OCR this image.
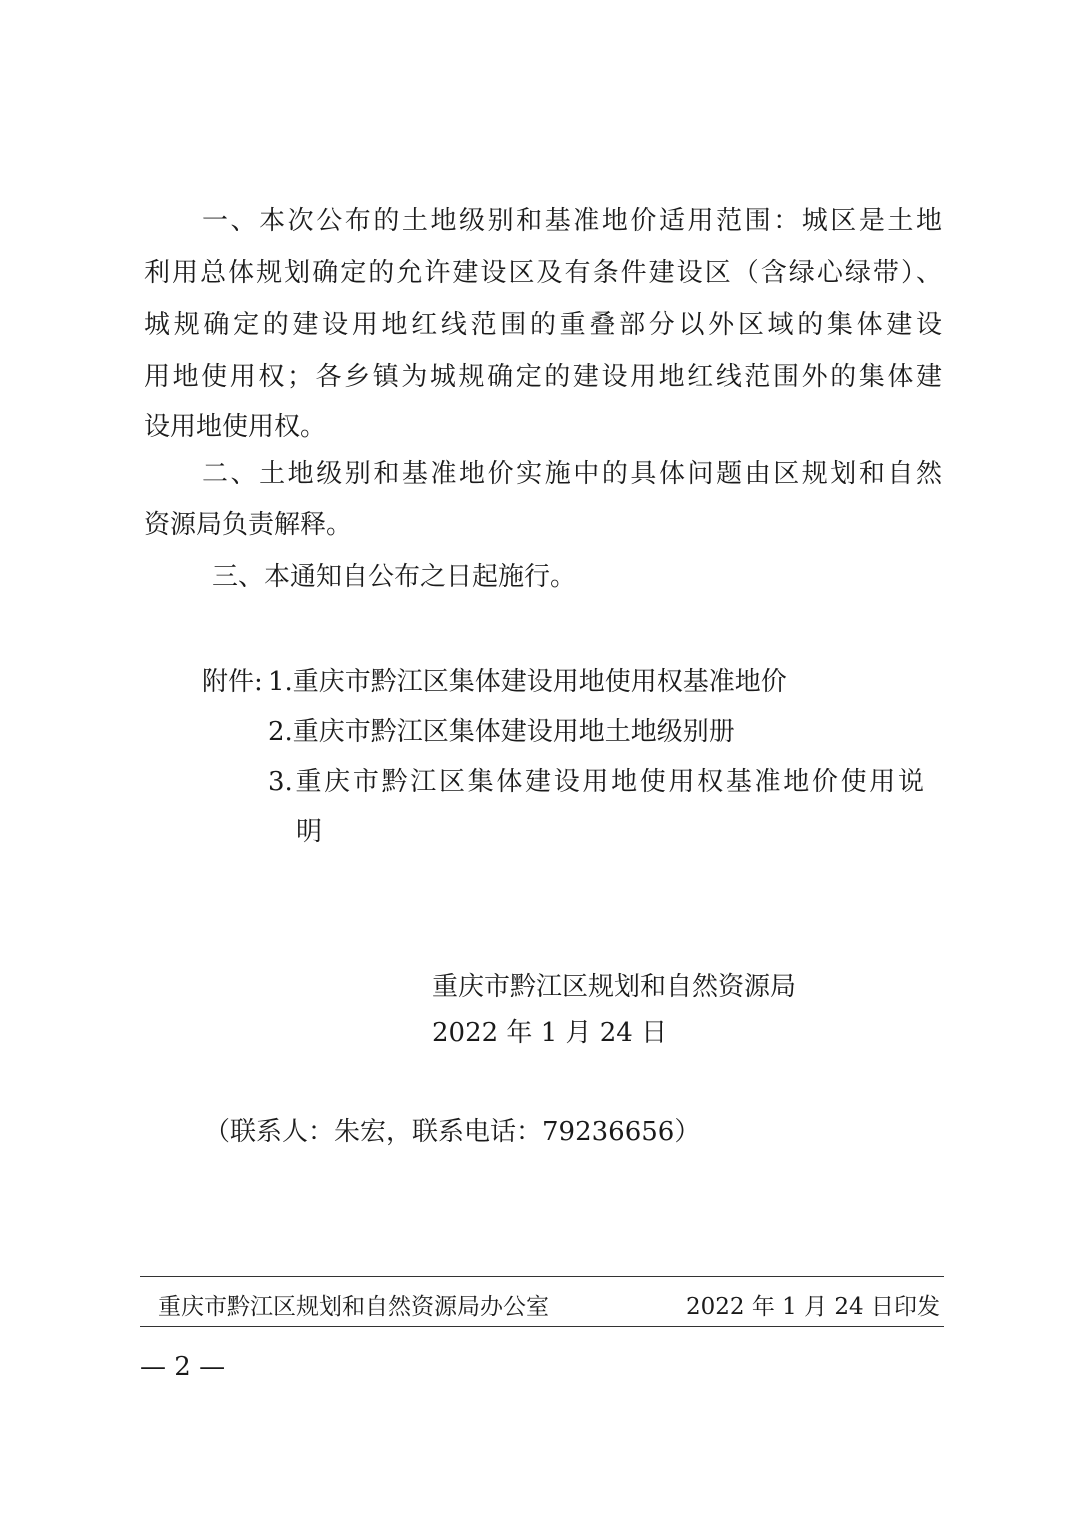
一、本次公布的土地级别和基准地价适用范围：城区是土地
利用总体规划确定的允许建设区及有条件建设区（含绿心绿带）、
城规确定的建设用地红线范围的重叠部分以外区域的集体建设
用地使用权；各乡镇为城规确定的建设用地红线范围外的集体建
设用地使用权。
二、土地级别和基准地价实施中的具体问题由区规划和自然
资源局负责解释。
三、本通知自公布之日起施行。
附件: 1.重庆市黔江区集体建设用地使用权基准地价
2.重庆市黔江区集体建设用地土地级别册
3.重庆市黔江区集体建设用地使用权基准地价使用说
明
重庆市黔江区规划和自然资源局
2022 年 1 月 24 日
（联系人：朱宏，联系电话：79236656）
重庆市黔江区规划和自然资源局办公室	2022 年 1 月 24 日印发
— 2 —
